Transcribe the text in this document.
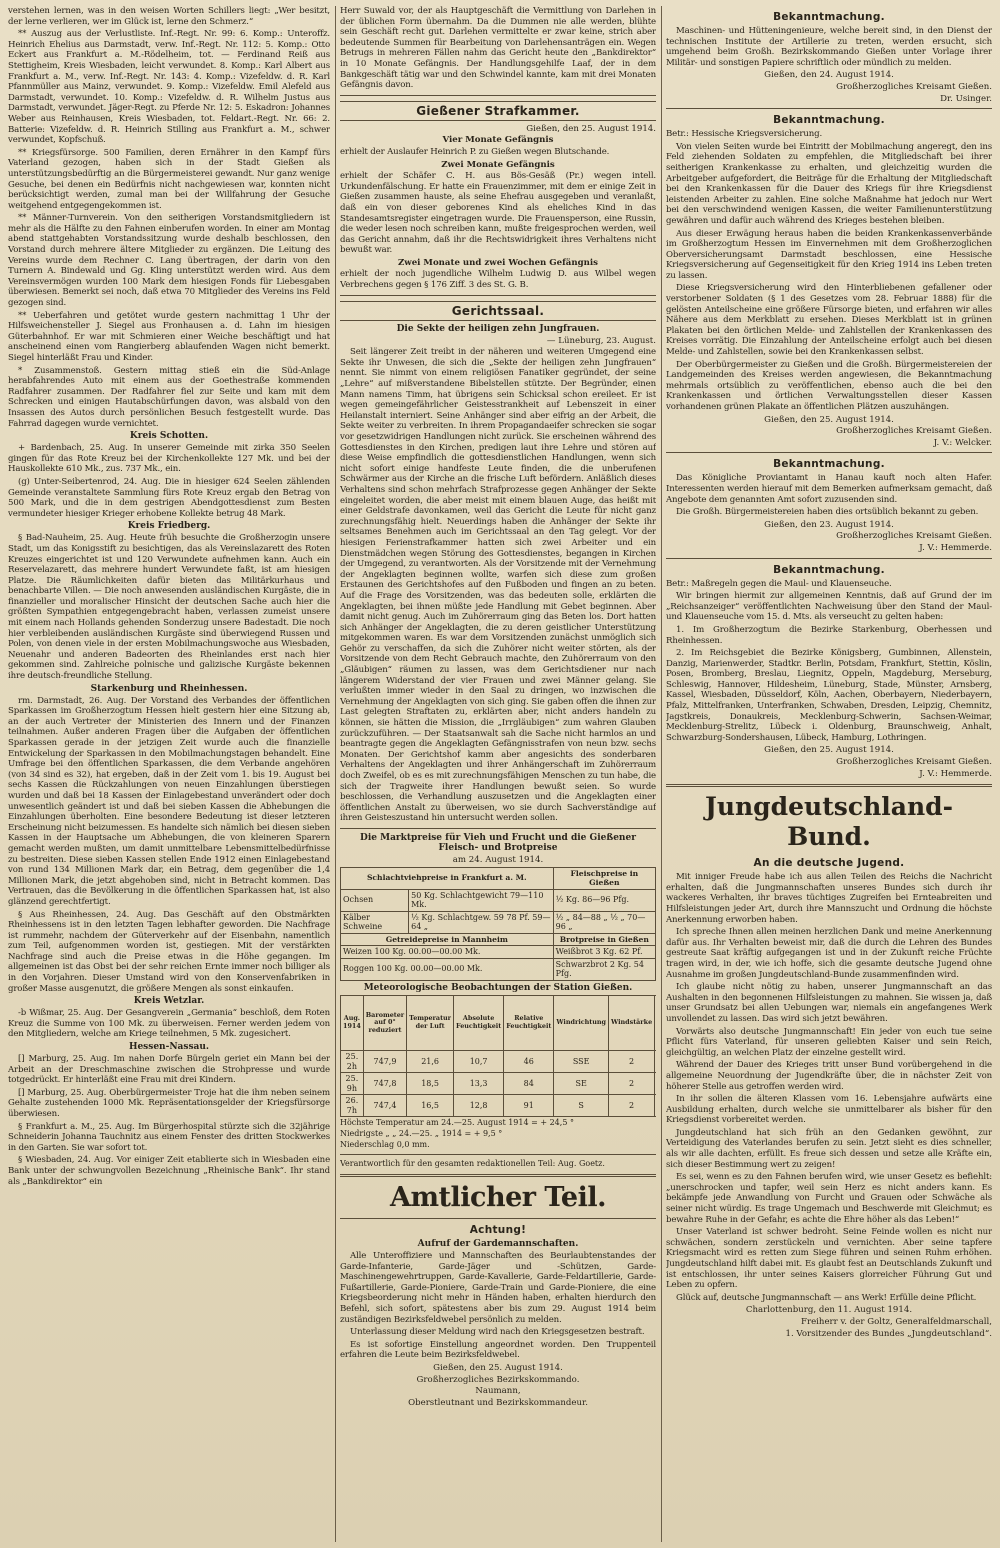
verstehen lernen, was in den weisen Worten Schillers liegt: „Wer besitzt, der lerne verlieren, wer im Glück ist, lerne den Schmerz.“

** Auszug aus der Verlustliste. Inf.-Regt. Nr. 99: 6. Komp.: Unteroffz. Heinrich Ehelius aus Darmstadt, verw. Inf.-Regt. Nr. 112: 5. Komp.: Otto Eckert aus Frankfurt a. M.-Rödelheim, tot. — Ferdinand Reiß aus Stettigheim, Kreis Wiesbaden, leicht verwundet. 8. Komp.: Karl Albert aus Frankfurt a. M., verw. Inf.-Regt. Nr. 143: 4. Komp.: Vizefeldw. d. R. Karl Pfannmüller aus Mainz, verwundet. 9. Komp.: Vizefeldw. Emil Alefeld aus Darmstadt, verwundet. 10. Komp.: Vizefeldw. d. R. Wilhelm Justus aus Darmstadt, verwundet. Jäger-Regt. zu Pferde Nr. 12: 5. Eskadron: Johannes Weber aus Reinhausen, Kreis Wiesbaden, tot. Feldart.-Regt. Nr. 66: 2. Batterie: Vizefeldw. d. R. Heinrich Stilling aus Frankfurt a. M., schwer verwundet, Kopfschuß.

** Kriegsfürsorge. 500 Familien, deren Ernährer in den Kampf fürs Vaterland gezogen, haben sich in der Stadt Gießen als unterstützungsbedürftig an die Bürgermeisterei gewandt. Nur ganz wenige Gesuche, bei denen ein Bedürfnis nicht nachgewiesen war, konnten nicht berücksichtigt werden, zumal man bei der Willfahrung der Gesuche weitgehend entgegengekommen ist.

** Männer-Turnverein. Von den seitherigen Vorstandsmitgliedern ist mehr als die Hälfte zu den Fahnen einberufen worden. In einer am Montag abend stattgehabten Vorstandssitzung wurde deshalb beschlossen, den Vorstand durch mehrere ältere Mitglieder zu ergänzen. Die Leitung des Vereins wurde dem Rechner C. Lang übertragen, der darin von den Turnern A. Bindewald und Gg. Kling unterstützt werden wird. Aus dem Vereinsvermögen wurden 100 Mark dem hiesigen Fonds für Liebesgaben überwiesen. Bemerkt sei noch, daß etwa 70 Mitglieder des Vereins ins Feld gezogen sind.

** Ueberfahren und getötet wurde gestern nachmittag 1 Uhr der Hilfsweichensteller J. Siegel aus Fronhausen a. d. Lahn im hiesigen Güterbahnhof. Er war mit Schmieren einer Weiche beschäftigt und hat anscheinend einen vom Rangierberg ablaufenden Wagen nicht bemerkt. Siegel hinterläßt Frau und Kinder.

* Zusammenstoß. Gestern mittag stieß ein die Süd-Anlage herabfahrendes Auto mit einem aus der Goethestraße kommenden Radfahrer zusammen. Der Radfahrer fiel zur Seite und kam mit dem Schrecken und einigen Hautabschürfungen davon, was alsbald von den Insassen des Autos durch persönlichen Besuch festgestellt wurde. Das Fahrrad dagegen wurde vernichtet.

Kreis Schotten.

+ Bardenbach, 25. Aug. In unserer Gemeinde mit zirka 350 Seelen gingen für das Rote Kreuz bei der Kirchenkollekte 127 Mk. und bei der Hauskollekte 610 Mk., zus. 737 Mk., ein.

(g) Unter-Seibertenrod, 24. Aug. Die in hiesiger 624 Seelen zählenden Gemeinde veranstaltete Sammlung fürs Rote Kreuz ergab den Betrag von 500 Mark, und die in dem gestrigen Abendgottesdienst zum Besten vermundeter hiesiger Krieger erhobene Kollekte betrug 48 Mark.

Kreis Friedberg.

§ Bad-Nauheim, 25. Aug. Heute früh besuchte die Großherzogin unsere Stadt, um das Konigsstift zu besichtigen, das als Vereinslazarett des Roten Kreuzes eingerichtet ist und 120 Verwundete aufnehmen kann. Auch ein Reservelazarett, das mehrere hundert Verwundete faßt, ist am hiesigen Platze. Die Räumlichkeiten dafür bieten das Militärkurhaus und benachbarte Villen. — Die noch anwesenden ausländischen Kurgäste, die in finanzieller und moralischer Hinsicht der deutschen Sache auch hier die größten Sympathien entgegengebracht haben, verlassen zumeist unsere mit einem nach Hollands gehenden Sonderzug unsere Badestadt. Die noch hier verbleibenden ausländischen Kurgäste sind überwiegend Russen und Polen, von denen viele in der ersten Mobilmachungswoche aus Wiesbaden, Neuenahr und anderen Badeorten des Rheinlandes erst nach hier gekommen sind. Zahlreiche polnische und galizische Kurgäste bekennen ihre deutsch-freundliche Stellung.

Starkenburg und Rheinhessen.

rm. Darmstadt, 26. Aug. Der Vorstand des Verbandes der öffentlichen Sparkassen im Großherzogtum Hessen hielt gestern hier eine Sitzung ab, an der auch Vertreter der Ministerien des Innern und der Finanzen teilnahmen. Außer anderen Fragen über die Aufgaben der öffentlichen Sparkassen gerade in der jetzigen Zeit wurde auch die finanzielle Entwickelung der Sparkassen in den Mobilmachungstagen behandelt. Eine Umfrage bei den öffentlichen Sparkassen, die dem Verbande angehören (von 34 sind es 32), hat ergeben, daß in der Zeit vom 1. bis 19. August bei sechs Kassen die Rückzahlungen von neuen Einzahlungen überstiegen wurden und daß bei 18 Kassen der Einlagebestand unverändert oder doch unwesentlich geändert ist und daß bei sieben Kassen die Abhebungen die Einzahlungen überholten. Eine besondere Bedeutung ist dieser letzteren Erscheinung nicht beizumessen. Es handelte sich nämlich bei diesen sieben Kassen in der Hauptsache um Abhebungen, die von kleineren Sparern gemacht werden mußten, um damit unmittelbare Lebensmittelbedürfnisse zu bestreiten. Diese sieben Kassen stellen Ende 1912 einen Einlagebestand von rund 134 Millionen Mark dar, ein Betrag, dem gegenüber die 1,4 Millionen Mark, die jetzt abgehoben sind, nicht in Betracht kommen. Das Vertrauen, das die Bevölkerung in die öffentlichen Sparkassen hat, ist also glänzend gerechtfertigt.

§ Aus Rheinhessen, 24. Aug. Das Geschäft auf den Obstmärkten Rheinhessens ist in den letzten Tagen lebhafter geworden. Die Nachfrage ist rummehr, nachdem der Güterverkehr auf der Eisenbahn, namentlich zum Teil, aufgenommen worden ist, gestiegen. Mit der verstärkten Nachfrage sind auch die Preise etwas in die Höhe gegangen. Im allgemeinen ist das Obst bei der sehr reichen Ernte immer noch billiger als in den Vorjahren. Dieser Umstand wird von den Konservenfabriken in großer Masse ausgenutzt, die größere Mengen als sonst einkaufen.

Kreis Wetzlar.

-b Wißmar, 25. Aug. Der Gesangverein „Germania“ beschloß, dem Roten Kreuz die Summe von 100 Mk. zu überweisen. Ferner werden jedem von den Mitgliedern, welche am Kriege teilnehmen, 5 Mk. zugesichert.

Hessen-Nassau.

[] Marburg, 25. Aug. Im nahen Dorfe Bürgeln geriet ein Mann bei der Arbeit an der Dreschmaschine zwischen die Strohpresse und wurde totgedrückt. Er hinterläßt eine Frau mit drei Kindern.

[] Marburg, 25. Aug. Oberbürgermeister Troje hat die ihm neben seinem Gehalte zustehenden 1000 Mk. Repräsentationsgelder der Kriegsfürsorge überwiesen.

§ Frankfurt a. M., 25. Aug. Im Bürgerhospital stürzte sich die 32jährige Schneiderin Johanna Tauchnitz aus einem Fenster des dritten Stockwerkes in den Garten. Sie war sofort tot.

§ Wiesbaden, 24. Aug. Vor einiger Zeit etablierte sich in Wiesbaden eine Bank unter der schwungvollen Bezeichnung „Rheinische Bank“. Ihr stand als „Bankdirektor“ ein

Herr Suwald vor, der als Hauptgeschäft die Vermittlung von Darlehen in der üblichen Form übernahm. Da die Dummen nie alle werden, blühte sein Geschäft recht gut. Darlehen vermittelte er zwar keine, strich aber bedeutende Summen für Bearbeitung von Darlehensanträgen ein. Wegen Betrugs in mehreren Fällen nahm das Gericht heute den „Bankdirektor“ in 10 Monate Gefängnis. Der Handlungsgehilfe Laaf, der in dem Bankgeschäft tätig war und den Schwindel kannte, kam mit drei Monaten Gefängnis davon.

Gießener Strafkammer.
Gießen, den 25. August 1914.
Vier Monate Gefängnis

erhielt der Auslaufer Heinrich P. zu Gießen wegen Blutschande.

Zwei Monate Gefängnis

erhielt der Schäfer C. H. aus Bös-Gesäß (Pr.) wegen intell. Urkundenfälschung. Er hatte ein Frauenzimmer, mit dem er einige Zeit in Gießen zusammen hauste, als seine Ehefrau ausgegeben und veranlaßt, daß ein von dieser geborenes Kind als eheliches Kind in das Standesamtsregister eingetragen wurde. Die Frauensperson, eine Russin, die weder lesen noch schreiben kann, mußte freigesprochen werden, weil das Gericht annahm, daß ihr die Rechtswidrigkeit ihres Verhaltens nicht bewußt war.

Zwei Monate und zwei Wochen Gefängnis

erhielt der noch jugendliche Wilhelm Ludwig D. aus Wilbel wegen Verbrechens gegen § 176 Ziff. 3 des St. G. B.

Gerichtssaal.
Die Sekte der heiligen zehn Jungfrauen.
— Lüneburg, 23. August.

Seit längerer Zeit treibt in der näheren und weiteren Umgegend eine Sekte ihr Unwesen, die sich die „Sekte der heiligen zehn Jungfrauen“ nennt. Sie nimmt von einem religiösen Fanatiker gegründet, der seine „Lehre“ auf mißverstandene Bibelstellen stützte. Der Begründer, einen Mann namens Timm, hat übrigens sein Schicksal schon ereileet. Er ist wegen gemeingefährlicher Geistesstrankheit auf Lebenszeit in einer Heilanstalt interniert. Seine Anhänger sind aber eifrig an der Arbeit, die Sekte weiter zu verbreiten. In ihrem Propagandaeifer schrecken sie sogar vor gesetzwidrigen Handlungen nicht zurück. Sie erscheinen während des Gottesdienstes in den Kirchen, predigen laut ihre Lehre und stören auf diese Weise empfindlich die gottesdienstlichen Handlungen, wenn sich nicht sofort einige handfeste Leute finden, die die unberufenen Schwärmer aus der Kirche an die frische Luft befördern. Anläßlich dieses Verhaltens sind schon mehrfach Strafprozesse gegen Anhänger der Sekte eingeleitet worden, die aber meist mit einem blauen Auge, das heißt mit einer Geldstrafe davonkamen, weil das Gericht die Leute für nicht ganz zurechnungsfähig hielt. Neuerdings haben die Anhänger der Sekte ihr seltsames Benehmen auch im Gerichtssaal an den Tag gelegt. Vor der hiesigen Ferienstrafkammer hatten sich zwei Arbeiter und ein Dienstmädchen wegen Störung des Gottesdienstes, begangen in Kirchen der Umgegend, zu verantworten. Als der Vorsitzende mit der Vernehmung der Angeklagten beginnen wollte, warfen sich diese zum großen Erstaunen des Gerichtshofes auf den Fußboden und fingen an zu beten. Auf die Frage des Vorsitzenden, was das bedeuten solle, erklärten die Angeklagten, bei ihnen müßte jede Handlung mit Gebet beginnen. Aber damit nicht genug. Auch im Zuhörerraum ging das Beten los. Dort hatten sich Anhänger der Angeklagten, die zu deren geistlicher Unterstützung mitgekommen waren. Es war dem Vorsitzenden zunächst unmöglich sich Gehör zu verschaffen, da sich die Zuhörer nicht weiter störten, als der Vorsitzende von dem Recht Gebrauch machte, den Zuhörerraum von den „Gläubigen“ räumen zu lassen, was dem Gerichtsdiener nur nach längerem Widerstand der vier Frauen und zwei Männer gelang. Sie verlußten immer wieder in den Saal zu dringen, wo inzwischen die Vernehmung der Angeklagten von sich ging. Sie gaben offen die ihnen zur Last gelegten Straftaten zu, erklärten aber, nicht anders handeln zu können, sie hätten die Mission, die „Irrgläubigen“ zum wahren Glauben zurückzuführen. — Der Staatsanwalt sah die Sache nicht harmlos an und beantragte gegen die Angeklagten Gefängnisstrafen von neun bzw. sechs Monaten. Der Gerichtshof kamm aber angesichts des sonderbaren Verhaltens der Angeklagten und ihrer Anhängerschaft im Zuhörerraum doch Zweifel, ob es es mit zurechnungsfähigen Menschen zu tun habe, die sich der Tragweite ihrer Handlungen bewußt seien. So wurde beschlossen, die Verhandlung auszusetzen und die Angeklagten einer öffentlichen Anstalt zu überweisen, wo sie durch Sachverständige auf ihren Geisteszustand hin untersucht werden sollen.

Die Marktpreise für Vieh und Frucht und die Gießener Fleisch- und Brotpreise
am 24. August 1914.
Schlachtviehpreise in Frankfurt a. M.		Fleischpreise in Gießen
Ochsen	50 Kg. Schlachtgewicht 79—110 Mk.	½ Kg. 86—96 Pfg.
Kälber Schweine	½ Kg. Schlachtgew. 59 78 Pf. 59—64 „	½ „ 84—88 „ ½ „ 70—96 „
Getreidepreise in Mannheim		Brotpreise in Gießen
Weizen 100 Kg. 00.00—00.00 Mk.		Weißbrot 3 Kg. 62 Pf.
Roggen 100 Kg. 00.00—00.00 Mk.		Schwarzbrot 2 Kg. 54 Pfg.
Meteorologische Beobachtungen der Station Gießen.
Aug. 1914	Barometer auf 0° reduziert	Temperatur der Luft	Absolute Feuchtigkeit	Relative Feuchtigkeit	Windrichtung	Windstärke		
25. 2h	747,9	21,6	10,7	46	SSE	2		
25. 9h	747,8	18,5	13,3	84	SE	2		
26. 7h	747,4	16,5	12,8	91	S	2		
Höchste Temperatur am 24.—25. August 1914 = + 24,5 °
Niedrigste „ „ 24.—25. „ 1914 = + 9,5 °
Niederschlag 0,0 mm.
Verantwortlich für den gesamten redaktionellen Teil: Aug. Goetz.
Amtlicher Teil.
Achtung!
Aufruf der Gardemannschaften.

Alle Unteroffiziere und Mannschaften des Beurlaubtenstandes der Garde-Infanterie, Garde-Jäger und -Schützen, Garde-Maschinengewehrtruppen, Garde-Kavallerie, Garde-Feldartillerie, Garde-Fußartillerie, Garde-Pioniere, Garde-Train und Garde-Pioniere, die eine Kriegsbeorderung nicht mehr in Händen haben, erhalten hierdurch den Befehl, sich sofort, spätestens aber bis zum 29. August 1914 beim zuständigen Bezirksfeldwebel persönlich zu melden.

Unterlassung dieser Meldung wird nach den Kriegsgesetzen bestraft.

Es ist sofortige Einstellung angeordnet worden. Den Truppenteil erfahren die Leute beim Bezirksfeldwebel.

Gießen, den 25. August 1914.
Großherzogliches Bezirkskommando.
Naumann,
Oberstleutnant und Bezirkskommandeur.
Bekanntmachung.

Maschinen- und Hütteningenieure, welche bereit sind, in den Dienst der technischen Institute der Artillerie zu treten, werden ersucht, sich umgehend beim Großh. Bezirkskommando Gießen unter Vorlage ihrer Militär- und sonstigen Papiere schriftlich oder mündlich zu melden.

Gießen, den 24. August 1914.
Großherzogliches Kreisamt Gießen.
Dr. Usinger.
Bekanntmachung.

Betr.: Hessische Kriegsversicherung.

Von vielen Seiten wurde bei Eintritt der Mobilmachung angeregt, den ins Feld ziehenden Soldaten zu empfehlen, die Mitgliedschaft bei ihrer seitherigen Krankenkasse zu erhalten, und gleichzeitig wurden die Arbeitgeber aufgefordert, die Beiträge für die Erhaltung der Mitgliedschaft bei den Krankenkassen für die Dauer des Kriegs für ihre Kriegsdienst leistenden Arbeiter zu zahlen. Eine solche Maßnahme hat jedoch nur Wert bei den verschwindend wenigen Kassen, die weiter Familienunterstützung gewähren und dafür auch während des Krieges bestehen bleiben.

Aus dieser Erwägung heraus haben die beiden Krankenkassenverbände im Großherzogtum Hessen im Einvernehmen mit dem Großherzoglichen Oberversicherungsamt Darmstadt beschlossen, eine Hessische Kriegsversicherung auf Gegenseitigkeit für den Krieg 1914 ins Leben treten zu lassen.

Diese Kriegsversicherung wird den Hinterbliebenen gefallener oder verstorbener Soldaten (§ 1 des Gesetzes vom 28. Februar 1888) für die gelösten Anteilscheine eine größere Fürsorge bieten, und erfahren wir alles Nähere aus dem Merkblatt zu ersehen. Dieses Merkblatt ist in grünen Plakaten bei den örtlichen Melde- und Zahlstellen der Krankenkassen des Kreises vorrätig. Die Einzahlung der Anteilscheine erfolgt auch bei diesen Melde- und Zahlstellen, sowie bei den Krankenkassen selbst.

Der Oberbürgermeister zu Gießen und die Großh. Bürgermeistereien der Landgemeinden des Kreises werden angewiesen, die Bekanntmachung mehrmals ortsüblich zu veröffentlichen, ebenso auch die bei den Krankenkassen und örtlichen Verwaltungsstellen dieser Kassen vorhandenen grünen Plakate an öffentlichen Plätzen auszuhängen.

Gießen, den 25. August 1914.
Großherzogliches Kreisamt Gießen.
J. V.: Welcker.
Bekanntmachung.

Das Königliche Proviantamt in Hanau kauft noch alten Hafer. Interessenten werden hierauf mit dem Bemerken aufmerksam gemacht, daß Angebote dem genannten Amt sofort zuzusenden sind.

Die Großh. Bürgermeistereien haben dies ortsüblich bekannt zu geben.

Gießen, den 23. August 1914.
Großherzogliches Kreisamt Gießen.
J. V.: Hemmerde.
Bekanntmachung.

Betr.: Maßregeln gegen die Maul- und Klauenseuche.

Wir bringen hiermit zur allgemeinen Kenntnis, daß auf Grund der im „Reichsanzeiger“ veröffentlichten Nachweisung über den Stand der Maul- und Klauenseuche vom 15. d. Mts. als verseucht zu gelten haben:

1. Im Großherzogtum die Bezirke Starkenburg, Oberhessen und Rheinhessen.

2. Im Reichsgebiet die Bezirke Königsberg, Gumbinnen, Allenstein, Danzig, Marienwerder, Stadtkr. Berlin, Potsdam, Frankfurt, Stettin, Köslin, Posen, Bromberg, Breslau, Liegnitz, Oppeln, Magdeburg, Merseburg, Schleswig, Hannover, Hildesheim, Lüneburg, Stade, Münster, Arnsberg, Kassel, Wiesbaden, Düsseldorf, Köln, Aachen, Oberbayern, Niederbayern, Pfalz, Mittelfranken, Unterfranken, Schwaben, Dresden, Leipzig, Chemnitz, Jagstkreis, Donaukreis, Mecklenburg-Schwerin, Sachsen-Weimar, Mecklenburg-Strelitz, Lübeck i. Oldenburg, Braunschweig, Anhalt, Schwarzburg-Sondershausen, Lübeck, Hamburg, Lothringen.

Gießen, den 25. August 1914.
Großherzogliches Kreisamt Gießen.
J. V.: Hemmerde.
Jungdeutschland-Bund.
An die deutsche Jugend.

Mit inniger Freude habe ich aus allen Teilen des Reichs die Nachricht erhalten, daß die Jungmannschaften unseres Bundes sich durch ihr wackeres Verhalten, ihr braves tüchtiges Zugreifen bei Ernteabreiten und Hilfsleistungen jeder Art, durch ihre Mannszucht und Ordnung die höchste Anerkennung erworben haben.

Ich spreche Ihnen allen meinen herzlichen Dank und meine Anerkennung dafür aus. Ihr Verhalten beweist mir, daß die durch die Lehren des Bundes gestreute Saat kräftig aufgegangen ist und in der Zukunft reiche Früchte tragen wird, in der, wie ich hoffe, sich die gesamte deutsche Jugend ohne Ausnahme im großen Jungdeutschland-Bunde zusammenfinden wird.

Ich glaube nicht nötig zu haben, unserer Jungmannschaft an das Aushalten in den begonnenen Hilfsleistungen zu mahnen. Sie wissen ja, daß unser Grundsatz bei allen Uebungen war, niemals ein angefangenes Werk unvollendet zu lassen. Das wird sich jetzt bewähren.

Vorwärts also deutsche Jungmannschaft! Ein jeder von euch tue seine Pflicht fürs Vaterland, für unseren geliebten Kaiser und sein Reich, gleichgültig, an welchen Platz der einzelne gestellt wird.

Während der Dauer des Krieges tritt unser Bund vorübergehend in die allgemeine Neuordnung der Jugendkräfte über, die in nächster Zeit von höherer Stelle aus getroffen werden wird.

In ihr sollen die älteren Klassen vom 16. Lebensjahre aufwärts eine Ausbildung erhalten, durch welche sie unmittelbarer als bisher für den Kriegsdienst vorbereitet werden.

Jungdeutschland hat sich früh an den Gedanken gewöhnt, zur Verteidigung des Vaterlandes berufen zu sein. Jetzt sieht es dies schneller, als wir alle dachten, erfüllt. Es freue sich dessen und setze alle Kräfte ein, sich dieser Bestimmung wert zu zeigen!

Es sei, wenn es zu den Fahnen berufen wird, wie unser Gesetz es befiehlt: „unerschrocken und tapfer, weil sein Herz es nicht anders kann. Es bekämpfe jede Anwandlung von Furcht und Grauen oder Schwäche als seiner nicht würdig. Es trage Ungemach und Beschwerde mit Gleichmut; es bewahre Ruhe in der Gefahr, es achte die Ehre höher als das Leben!“

Unser Vaterland ist schwer bedroht. Seine Feinde wollen es nicht nur schwächen, sondern zerstückeln und vernichten. Aber seine tapfere Kriegsmacht wird es retten zum Siege führen und seinen Ruhm erhöhen. Jungdeutschland hilft dabei mit. Es glaubt fest an Deutschlands Zukunft und ist entschlossen, ihr unter seines Kaisers glorreicher Führung Gut und Leben zu opfern.

Glück auf, deutsche Jungmannschaft — ans Werk! Erfülle deine Pflicht.

Charlottenburg, den 11. August 1914.
Freiherr v. der Goltz, Generalfeldmarschall,
1. Vorsitzender des Bundes „Jungdeutschland“.
